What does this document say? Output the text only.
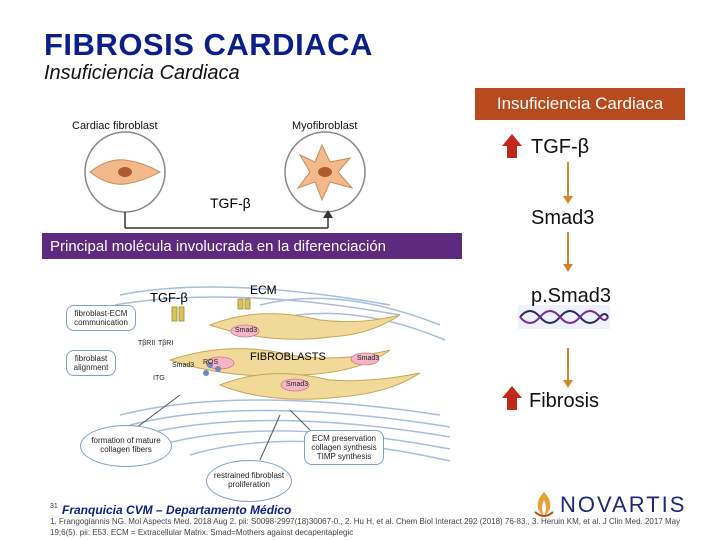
FIBROSIS CARDIACA
Insuficiencia Cardiaca
Cardiac fibroblast	Myofibroblast
TGF-β
Principal molécula involucrada en la diferenciación
Insuficiencia Cardiaca
TGF-β
Smad3
p.Smad3
Fibrosis
TGF-β	ECM
FIBROBLASTS
TβRII TβRI
ITG
Smad3
Smad3
Smad3
Smad3
ROS
fibroblast-ECM communication
fibroblast alignment
formation of mature collagen fibers
ECM preservation collagen synthesis TIMP synthesis
restrained fibroblast proliferation
31 Franquicia CVM – Departamento Médico
1. Frangogiannis NG. Mol Aspects Med. 2018 Aug 2. pii: S0098-2997(18)30067-0., 2. Hu H, et al. Chem Biol Interact 292 (2018) 76-83., 3. Heruin KM, et al. J Clin Med. 2017 May 19;6(5). pii: E53. ECM = Extracellular Matrix. Smad=Mothers against decapentaplegic
NOVARTIS
